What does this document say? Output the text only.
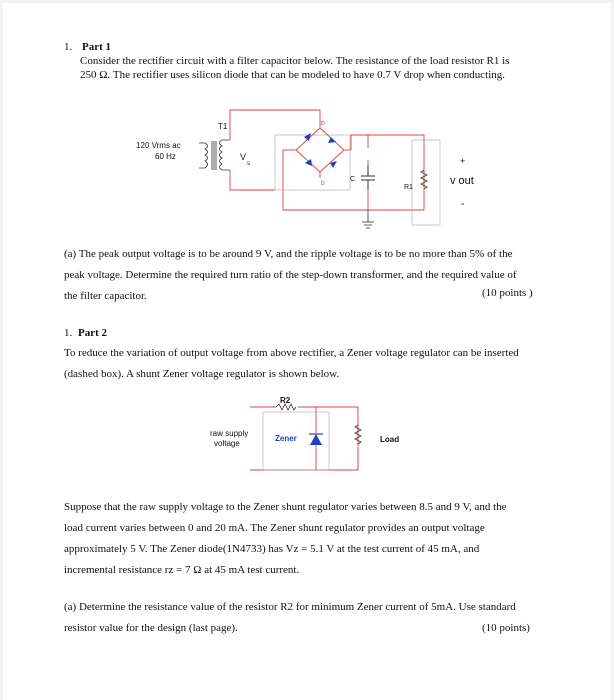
1. Part 1
Consider the rectifier circuit with a filter capacitor below. The resistance of the load resistor R1 is
250 Ω. The rectifier uses silicon diode that can be modeled to have 0.7 V drop when conducting.
T1
120 Vrms ac
60 Hz	V
s
D
D
C
R1
+
v out
-
R2
raw supply
voltage
Zener	Load
(a) The peak output voltage is to be around 9 V, and the ripple voltage is to be no more than 5% of the
peak voltage. Determine the required turn ratio of the step-down transformer, and the required value of
the filter capacitor.	(10 points )
1. Part 2
To reduce the variation of output voltage from above rectifier, a Zener voltage regulator can be inserted
(dashed box). A shunt Zener voltage regulator is shown below.
Suppose that the raw supply voltage to the Zener shunt regulator varies between 8.5 and 9 V, and the
load current varies between 0 and 20 mA. The Zener shunt regulator provides an output voltage
approximately 5 V. The Zener diode(1N4733) has Vz = 5.1 V at the test current of 45 mA, and
incremental resistance rz = 7 Ω at 45 mA test current.
(a) Determine the resistance value of the resistor R2 for minimum Zener current of 5mA. Use standard
resistor value for the design (last page).	(10 points)
